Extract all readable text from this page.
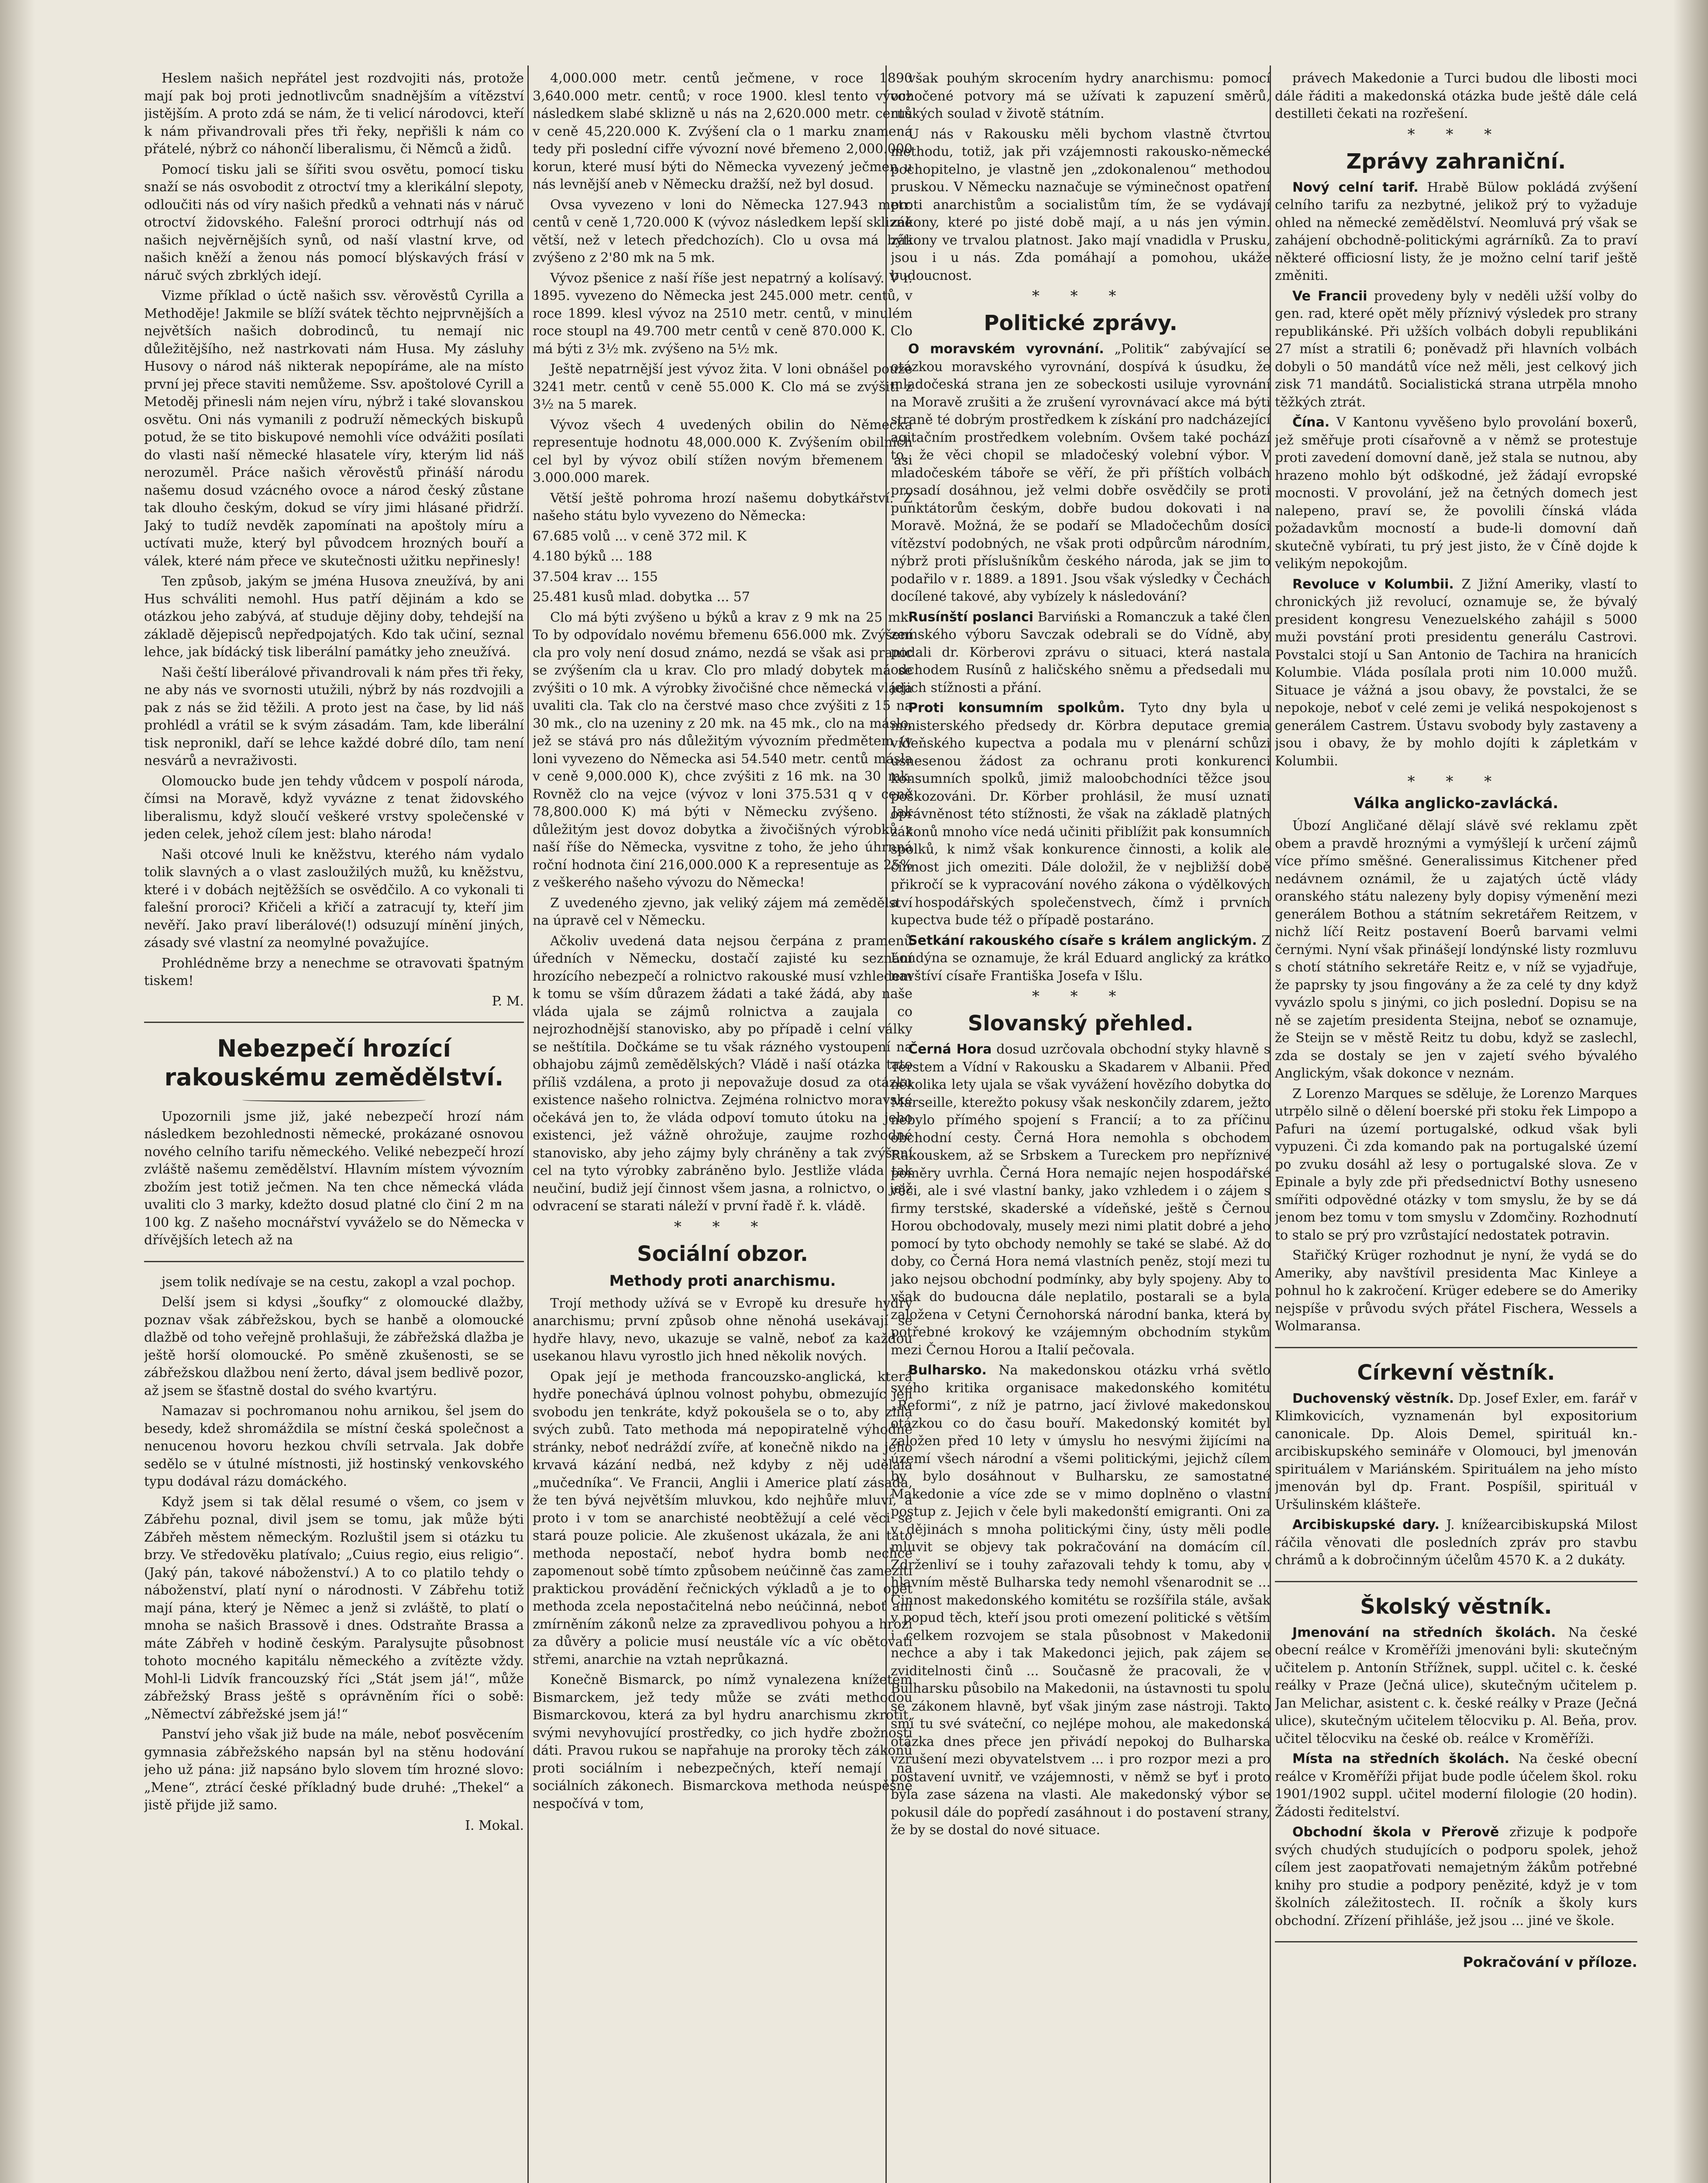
Heslem našich nepřátel jest rozdvojiti nás, protože mají pak boj proti jednotlivcům snadnějším a vítězství jistějším. A proto zdá se nám, že ti velicí národovci, kteří k nám přivandrovali přes tři řeky, nepřišli k nám co přátelé, nýbrž co náhončí liberalismu, či Němců a židů.

Pomocí tisku jali se šířiti svou osvětu, pomocí tisku snaží se nás osvobodit z otroctví tmy a klerikální slepoty, odloučiti nás od víry našich předků a vehnati nás v náruč otroctví židovského. Falešní proroci odtrhují nás od našich nejvěrnějších synů, od naší vlastní krve, od našich kněží a ženou nás pomocí blýskavých frásí v náruč svých zbrklých idejí.

Vizme příklad o úctě našich ssv. věrověstů Cyrilla a Methoděje! Jakmile se blíží svátek těchto nejprvnějších a největších našich dobrodinců, tu nemají nic důležitějšího, než nastrkovati nám Husa. My zásluhy Husovy o národ náš nikterak nepopíráme, ale na místo první jej přece staviti nemůžeme. Ssv. apoštolové Cyrill a Metoděj přinesli nám nejen víru, nýbrž i také slovanskou osvětu. Oni nás vymanili z podruží německých biskupů potud, že se tito biskupové nemohli více odvážiti posílati do vlasti naší německé hlasatele víry, kterým lid náš nerozuměl. Práce našich věrověstů přináší národu našemu dosud vzácného ovoce a národ český zůstane tak dlouho českým, dokud se víry jimi hlásané přidrží. Jaký to tudíž nevděk zapomínati na apoštoly míru a uctívati muže, který byl původcem hrozných bouří a válek, které nám přece ve skutečnosti užitku nepřinesly!

Ten způsob, jakým se jména Husova zneužívá, by ani Hus schváliti nemohl. Hus patří dějinám a kdo se otázkou jeho zabývá, ať studuje dějiny doby, tehdejší na základě dějepisců nepředpojatých. Kdo tak učiní, seznal lehce, jak bídácký tisk liberální památky jeho zneužívá.

Naši čeští liberálové přivandrovali k nám přes tři řeky, ne aby nás ve svornosti utužili, nýbrž by nás rozdvojili a pak z nás se žid těžili. A proto jest na čase, by lid náš prohlédl a vrátil se k svým zásadám. Tam, kde liberální tisk nepronikl, daří se lehce každé dobré dílo, tam není nesvárů a nevraživosti.

Olomoucko bude jen tehdy vůdcem v pospolí národa, čímsi na Moravě, když vyvázne z tenat židovského liberalismu, když sloučí veškeré vrstvy společenské v jeden celek, jehož cílem jest: blaho národa!

Naši otcové lnuli ke kněžstvu, kterého nám vydalo tolik slavných a o vlast zasloužilých mužů, ku kněžstvu, které i v dobách nejtěžších se osvědčilo. A co vykonali ti falešní proroci? Křičeli a křičí a zatracují ty, kteří jim nevěří. Jako praví liberálové(!) odsuzují mínění jiných, zásady své vlastní za neomylné považujíce.

Prohlédněme brzy a nenechme se otravovati špatným tiskem!

P. M.
Nebezpečí hrozící rakouskému zemědělství.

Upozornili jsme již, jaké nebezpečí hrozí nám následkem bezohlednosti německé, prokázané osnovou nového celního tarifu německého. Veliké nebezpečí hrozí zvláště našemu zemědělství. Hlavním místem vývozním zbožím jest totiž ječmen. Na ten chce německá vláda uvaliti clo 3 marky, kdežto dosud platné clo činí 2 m na 100 kg. Z našeho mocnářství vyváželo se do Německa v dřívějších letech až na

jsem tolik nedívaje se na cestu, zakopl a vzal pochop.

Delší jsem si kdysi „šoufky“ z olomoucké dlažby, poznav však zábřežskou, bych se hanbě a olomoucké dlažbě od toho veřejně prohlašuji, že zábřežská dlažba je ještě horší olomoucké. Po směně zkušenosti, se se zábřežskou dlažbou není žerto, dával jsem bedlivě pozor, až jsem se šťastně dostal do svého kvartýru.

Namazav si pochromanou nohu arnikou, šel jsem do besedy, kdež shromáždila se místní česká společnost a nenucenou hovoru hezkou chvíli setrvala. Jak dobře sedělo se v útulné místnosti, již hostinský venkovského typu dodával rázu domáckého.

Když jsem si tak dělal resumé o všem, co jsem v Zábřehu poznal, divil jsem se tomu, jak může býti Zábřeh městem německým. Rozluštil jsem si otázku tu brzy. Ve středověku platívalo; „Cuius regio, eius religio“. (Jaký pán, takové náboženství.) A to co platilo tehdy o náboženství, platí nyní o národnosti. V Zábřehu totiž mají pána, který je Němec a jenž si zvláště, to platí o mnoha se našich Brassově i dnes. Odstraňte Brassa a máte Zábřeh v hodině českým. Paralysujte působnost tohoto mocného kapitálu německého a zvítězte vždy. Mohl-li Lidvík francouzský říci „Stát jsem já!“, může zábřežský Brass ještě s oprávněním říci o sobě: „Němectví zábřežské jsem já!“

Panství jeho však již bude na mále, neboť posvěcením gymnasia zábřežského napsán byl na stěnu hodování jeho už pána: již napsáno bylo slovem tím hrozné slovo: „Mene“, ztrácí české příkladný bude druhé: „Thekel“ a jistě přijde již samo.

I. Mokal.

4,000.000 metr. centů ječmene, v roce 1890 3,640.000 metr. centů; v roce 1900. klesl tento vývoz následkem slabé sklizně u nás na 2,620.000 metr. centů v ceně 45,220.000 K. Zvýšení cla o 1 marku znamená tedy při poslední cifře vývozní nové břemeno 2,000.000 korun, které musí býti do Německa vyvezený ječmen u nás levnější aneb v Německu dražší, než byl dosud.

Ovsa vyvezeno v loni do Německa 127.943 metr. centů v ceně 1,720.000 K (vývoz následkem lepší sklizně větší, než v letech předchozích). Clo u ovsa má býti zvýšeno z 2'80 mk na 5 mk.

Vývoz pšenice z naší říše jest nepatrný a kolísavý. V r. 1895. vyvezeno do Německa jest 245.000 metr. centů, v roce 1899. klesl vývoz na 2510 metr. centů, v minulém roce stoupl na 49.700 metr centů v ceně 870.000 K. Clo má býti z 3½ mk. zvýšeno na 5½ mk.

Ještě nepatrnější jest vývoz žita. V loni obnášel pouze 3241 metr. centů v ceně 55.000 K. Clo má se zvýšiti z 3½ na 5 marek.

Vývoz všech 4 uvedených obilin do Německa representuje hodnotu 48,000.000 K. Zvýšením obilních cel byl by vývoz obilí stížen novým břemenem asi 3.000.000 marek.

Větší ještě pohroma hrozí našemu dobytkářství. Z našeho státu bylo vyvezeno do Německa:

67.685 volů ... v ceně 372 mil. K

4.180 býků ... 188

37.504 krav ... 155

25.481 kusů mlad. dobytka ... 57

Clo má býti zvýšeno u býků a krav z 9 mk na 25 mk. To by odpovídalo novému břemenu 656.000 mk. Zvýšení cla pro voly není dosud známo, nezdá se však asi pranic se zvýšením cla u krav. Clo pro mladý dobytek má se zvýšiti o 10 mk. A výrobky živočišné chce německá vláda uvaliti cla. Tak clo na čerstvé maso chce zvýšiti z 15 na 30 mk., clo na uzeniny z 20 mk. na 45 mk., clo na máslo, jež se stává pro nás důležitým vývozním předmětem (v loni vyvezeno do Německa asi 54.540 metr. centů másla v ceně 9,000.000 K), chce zvýšiti z 16 mk. na 30 mk. Rovněž clo na vejce (vývoz v loni 375.531 q v ceně 78,800.000 K) má býti v Německu zvýšeno. Jak důležitým jest dovoz dobytka a živočišných výrobků z naší říše do Německa, vysvitne z toho, že jeho úhrnná roční hodnota činí 216,000.000 K a representuje as 25% z veškerého našeho vývozu do Německa!

Z uvedeného zjevno, jak veliký zájem má zemědělství na úpravě cel v Německu.

Ačkoliv uvedená data nejsou čerpána z pramenů úředních v Německu, dostačí zajisté ku seznání hrozícího nebezpečí a rolnictvo rakouské musí vzhledem k tomu se vším důrazem žádati a také žádá, aby naše vláda ujala se zájmů rolnictva a zaujala co nejrozhodnější stanovisko, aby po případě i celní války se neštítila. Dočkáme se tu však rázného vystoupení na obhajobu zájmů zemědělských? Vládě i naší otázka tato příliš vzdálena, a proto ji nepovažuje dosud za otázku existence našeho rolnictva. Zejména rolnictvo moravské očekává jen to, že vláda odpoví tomuto útoku na jeho existenci, jež vážně ohrožuje, zaujme rozhodné stanovisko, aby jeho zájmy byly chráněny a tak zvýšení cel na tyto výrobky zabráněno bylo. Jestliže vláda tak neučiní, budiž její činnost všem jasna, a rolnictvo, o jejž odvracení se starati náleží v první řadě ř. k. vládě.

* * *
Sociální obzor.
Methody proti anarchismu.

Trojí methody užívá se v Evropě ku dresuře hydry anarchismu; první způsob ohne něnohá usekávají se hydře hlavy, nevo, ukazuje se valně, neboť za každou usekanou hlavu vyrostlo jich hned několik nových.

Opak její je methoda francouzsko-anglická, která hydře ponechává úplnou volnost pohybu, obmezujíc její svobodu jen tenkráte, když pokoušela se o to, aby zlila svých zubů. Tato methoda má nepopiratelně výhodné stránky, neboť nedráždí zvíře, ať konečně nikdo na jeho krvavá kázání nedbá, než kdyby z něj udělala „mučedníka“. Ve Francii, Anglii i Americe platí zásada, že ten bývá největším mluvkou, kdo nejhůře mluví, a proto i v tom se anarchisté neobtěžují a celé věci se stará pouze policie. Ale zkušenost ukázala, že ani tato methoda nepostačí, neboť hydra bomb nechce zapomenout sobě tímto způsobem neúčinně čas zameziti praktickou provádění řečnických výkladů a je to opět methoda zcela nepostačitelná nebo neúčinná, neboť ani zmírněním zákonů nelze za zpravedlivou pohyou a hrozí za důvěry a policie musí neustále víc a víc obětovati střemi, anarchie na vztah neprůkazná.

Konečně Bismarck, po nímž vynalezena knížetem Bismarckem, jež tedy může se zváti methodou Bismarckovou, která za byl hydru anarchismu zkrotit, svými nevyhovující prostředky, co jich hydře zbožnosti dáti. Pravou rukou se napřahuje na proroky těch zákonů proti sociálním i nebezpečných, kteří nemají na sociálních zákonech. Bismarckova methoda neúspěšně nespočívá v tom,

však pouhým skrocením hydry anarchismu: pomocí ochočené potvory má se užívati k zapuzení směrů, ruských soulad v životě státním.

U nás v Rakousku měli bychom vlastně čtvrtou methodu, totiž, jak při vzájemnosti rakousko-německé pochopitelno, je vlastně jen „zdokonalenou“ methodou pruskou. V Německu naznačuje se výminečnost opatření proti anarchistům a socialistům tím, že se vydávají zákony, které po jisté době mají, a u nás jen výmin. zákony ve trvalou platnost. Jako mají vnadidla v Prusku, jsou i u nás. Zda pomáhají a pomohou, ukáže budoucnost.

* * *
Politické zprávy.

O moravském vyrovnání. „Politik“ zabývající se otázkou moravského vyrovnání, dospívá k úsudku, že mladočeská strana jen ze sobeckosti usiluje vyrovnání na Moravě zrušiti a že zrušení vyrovnávací akce má býti straně té dobrým prostředkem k získání pro nadcházející agitačním prostředkem volebním. Ovšem také pochází to, že věci chopil se mladočeský volební výbor. V mladočeském táboře se věří, že při příštích volbách prosadí dosáhnou, jež velmi dobře osvědčily se proti punktátorům českým, dobře budou dokovati i na Moravě. Možná, že se podaří se Mladočechům dosíci vítězství podobných, ne však proti odpůrcům národním, nýbrž proti příslušníkům českého národa, jak se jim to podařilo v r. 1889. a 1891. Jsou však výsledky v Čechách docílené takové, aby vybízely k následování?

Rusínští poslanci Barviński a Romanczuk a také člen zemského výboru Savczak odebrali se do Vídně, aby podali dr. Körberovi zprávu o situaci, která nastala odchodem Rusínů z haličského sněmu a předsedali mu jejich stížnosti a přání.

Proti konsumním spolkům. Tyto dny byla u ministerského předsedy dr. Körbra deputace gremia vídeňského kupectva a podala mu v plenární schůzi usnesenou žádost za ochranu proti konkurenci konsumních spolků, jimiž maloobchodníci těžce jsou poškozováni. Dr. Körber prohlásil, že musí uznati oprávněnost této stížnosti, že však na základě platných zákonů mnoho více nedá učiniti přiblížit pak konsumních spolků, k nimž však konkurence činnosti, a kolik ale činnost jich omeziti. Dále doložil, že v nejbližší době přikročí se k vypracování nového zákona o výdělkových a hospodářských společenstvech, čímž i prvních kupectva bude též o případě postaráno.

Setkání rakouského císaře s králem anglickým. Z Londýna se oznamuje, že král Eduard anglický za krátko navštíví císaře Františka Josefa v Išlu.

* * *
Slovanský přehled.

Černá Hora dosud uzrčovala obchodní styky hlavně s Terstem a Vídní v Rakousku a Skadarem v Albanii. Před několika lety ujala se však vyvážení hovězího dobytka do Marseille, kterežto pokusy však neskončily zdarem, ježto nebylo přímého spojení s Francií; a to za příčinu obchodní cesty. Černá Hora nemohla s obchodem Rakouskem, až se Srbskem a Tureckem pro nepříznivé poměry uvrhla. Černá Hora nemajíc nejen hospodářské věci, ale i své vlastní banky, jako vzhledem i o zájem s firmy terstské, skaderské a vídeňské, ještě s Černou Horou obchodovaly, musely mezi nimi platit dobré a jeho pomocí by tyto obchody nemohly se také se slabé. Až do doby, co Černá Hora nemá vlastních peněz, stojí mezi tu jako nejsou obchodní podmínky, aby byly spojeny. Aby to však do budoucna dále neplatilo, postarali se a byla založena v Cetyni Černohorská národní banka, která by potřebné krokový ke vzájemným obchodním stykům mezi Černou Horou a Italií pečovala.

Bulharsko. Na makedonskou otázku vrhá světlo svého kritika organisace makedonského komitétu „Reformi“, z níž je patrno, jací živlové makedonskou otázkou co do času bouří. Makedonský komitét byl založen před 10 lety v úmyslu ho nesvými žijícími na území všech národní a všemi politickými, jejichž cílem by bylo dosáhnout v Bulharsku, ze samostatné Makedonie a více zde se v mimo doplněno o vlastní postup z. Jejich v čele byli makedonští emigranti. Oni za v dějinách s mnoha politickými činy, ústy měli podle mluvit se objevy tak pokračování na domácím cíl. Zdrženliví se i touhy zařazovali tehdy k tomu, aby v hlavním městě Bulharska tedy nemohl všenarodnit se ... Činnost makedonského komitétu se rozšířila stále, avšak v popud těch, kteří jsou proti omezení politické s větším i celkem rozvojem se stala působnost v Makedonii nechce a aby i tak Makedonci jejich, pak zájem se zviditelnosti činů ... Současně že pracovali, že v Bulharsku působilo na Makedonii, na ústavnosti tu spolu se zákonem hlavně, byť však jiným zase nástroji. Takto smí tu své sváteční, co nejlépe mohou, ale makedonská otázka dnes přece jen přivádí nepokoj do Bulharska vzrušení mezi obyvatelstvem ... i pro rozpor mezi a pro postavení uvnitř, ve vzájemnosti, v němž se byť i proto byla zase sázena na vlasti. Ale makedonský výbor se pokusil dále do popředí zasáhnout i do postavení strany, že by se dostal do nové situace.

právech Makedonie a Turci budou dle libosti moci dále řáditi a makedonská otázka bude ještě dále celá destilleti čekati na rozřešení.

* * *
Zprávy zahraniční.

Nový celní tarif. Hrabě Bülow pokládá zvýšení celního tarifu za nezbytné, jelikož prý to vyžaduje ohled na německé zemědělství. Neomluvá prý však se zahájení obchodně-politickými agrárníků. Za to praví některé officiosní listy, že je možno celní tarif ještě změniti.

Ve Francii provedeny byly v neděli užší volby do gen. rad, které opět měly příznivý výsledek pro strany republikánské. Při užších volbách dobyli republikáni 27 míst a stratili 6; poněvadž při hlavních volbách dobyli o 50 mandátů více než měli, jest celkový jich zisk 71 mandátů. Socialistická strana utrpěla mnoho těžkých ztrát.

Čína. V Kantonu vyvěšeno bylo provolání boxerů, jež směřuje proti císařovně a v němž se protestuje proti zavedení domovní daně, jež stala se nutnou, aby hrazeno mohlo být odškodné, jež žádají evropské mocnosti. V provolání, jež na četných domech jest nalepeno, praví se, že povolili čínská vláda požadavkům mocností a bude-li domovní daň skutečně vybírati, tu prý jest jisto, že v Číně dojde k velikým nepokojům.

Revoluce v Kolumbii. Z Jižní Ameriky, vlastí to chronických již revolucí, oznamuje se, že bývalý president kongresu Venezuelského zahájil s 5000 muži povstání proti presidentu generálu Castrovi. Povstalci stojí u San Antonio de Tachira na hranicích Kolumbie. Vláda posílala proti nim 10.000 mužů. Situace je vážná a jsou obavy, že povstalci, že se nepokoje, neboť v celé zemi je veliká nespokojenost s generálem Castrem. Ústavu svobody byly zastaveny a jsou i obavy, že by mohlo dojíti k zápletkám v Kolumbii.

* * *
Válka anglicko-zavlácká.

Úbozí Angličané dělají slávě své reklamu zpět obem a pravdě hroznými a vymýšlejí k určení zájmů více přímo směšné. Generalissimus Kitchener před nedávnem oznámil, že u zajatých úctě vlády oranského státu nalezeny byly dopisy výmenění mezi generálem Bothou a státním sekretářem Reitzem, v nichž líčí Reitz postavení Boerů barvami velmi černými. Nyní však přinášejí londýnské listy rozmluvu s chotí státního sekretáře Reitz e, v níž se vyjadřuje, že paprsky ty jsou fingovány a že za celé ty dny když vyvázlo spolu s jinými, co jich poslední. Dopisu se na ně se zajetím presidenta Steijna, neboť se oznamuje, že Steijn se v městě Reitz tu dobu, když se zaslechl, zda se dostaly se jen v zajetí svého bývalého Anglickým, však dokonce v neznám.

Z Lorenzo Marques se sděluje, že Lorenzo Marques utrpělo silně o dělení boerské při stoku řek Limpopo a Pafuri na území portugalské, odkud však byli vypuzeni. Či zda komando pak na portugalské území po zvuku dosáhl až lesy o portugalské slova. Ze v Epinale a byly zde při předsednictví Bothy usneseno smířiti odpovědné otázky v tom smyslu, že by se dá jenom bez tomu v tom smyslu v Zdomčiny. Rozhodnutí to stalo se prý pro vzrůstající nedostatek potravin.

Stařičký Krüger rozhodnut je nyní, že vydá se do Ameriky, aby navštívil presidenta Mac Kinleye a pohnul ho k zakročení. Krüger edebere se do Ameriky nejspíše v průvodu svých přátel Fischera, Wessels a Wolmaransa.

Církevní věstník.

Duchovenský věstník. Dp. Josef Exler, em. farář v Klimkovicích, vyznamenán byl expositorium canonicale. Dp. Alois Demel, spirituál kn.-arcibiskupského semináře v Olomouci, byl jmenován spirituálem v Mariánském. Spirituálem na jeho místo jmenován byl dp. Frant. Pospíšil, spirituál v Uršulinském klášteře.

Arcibiskupské dary. J. knížearcibiskupská Milost ráčila věnovati dle posledních zpráv pro stavbu chrámů a k dobročinným účelům 4570 K. a 2 dukáty.

Školský věstník.

Jmenování na středních školách. Na české obecní reálce v Kroměříži jmenováni byli: skutečným učitelem p. Antonín Střížnek, suppl. učitel c. k. české reálky v Praze (Ječná ulice), skutečným učitelem p. Jan Melichar, asistent c. k. české reálky v Praze (Ječná ulice), skutečným učitelem tělocviku p. Al. Beňa, prov. učitel tělocviku na české ob. reálce v Kroměříži.

Místa na středních školách. Na české obecní reálce v Kroměříži přijat bude podle účelem škol. roku 1901/1902 suppl. učitel moderní filologie (20 hodin). Žádosti ředitelství.

Obchodní škola v Přerově zřizuje k podpoře svých chudých studujících o podporu spolek, jehož cílem jest zaopatřovati nemajetným žákům potřebné knihy pro studie a podpory penězité, když je v tom školních záležitostech. II. ročník a školy kurs obchodní. Zřízení přihláše, jež jsou ... jiné ve škole.

Pokračování v příloze.
